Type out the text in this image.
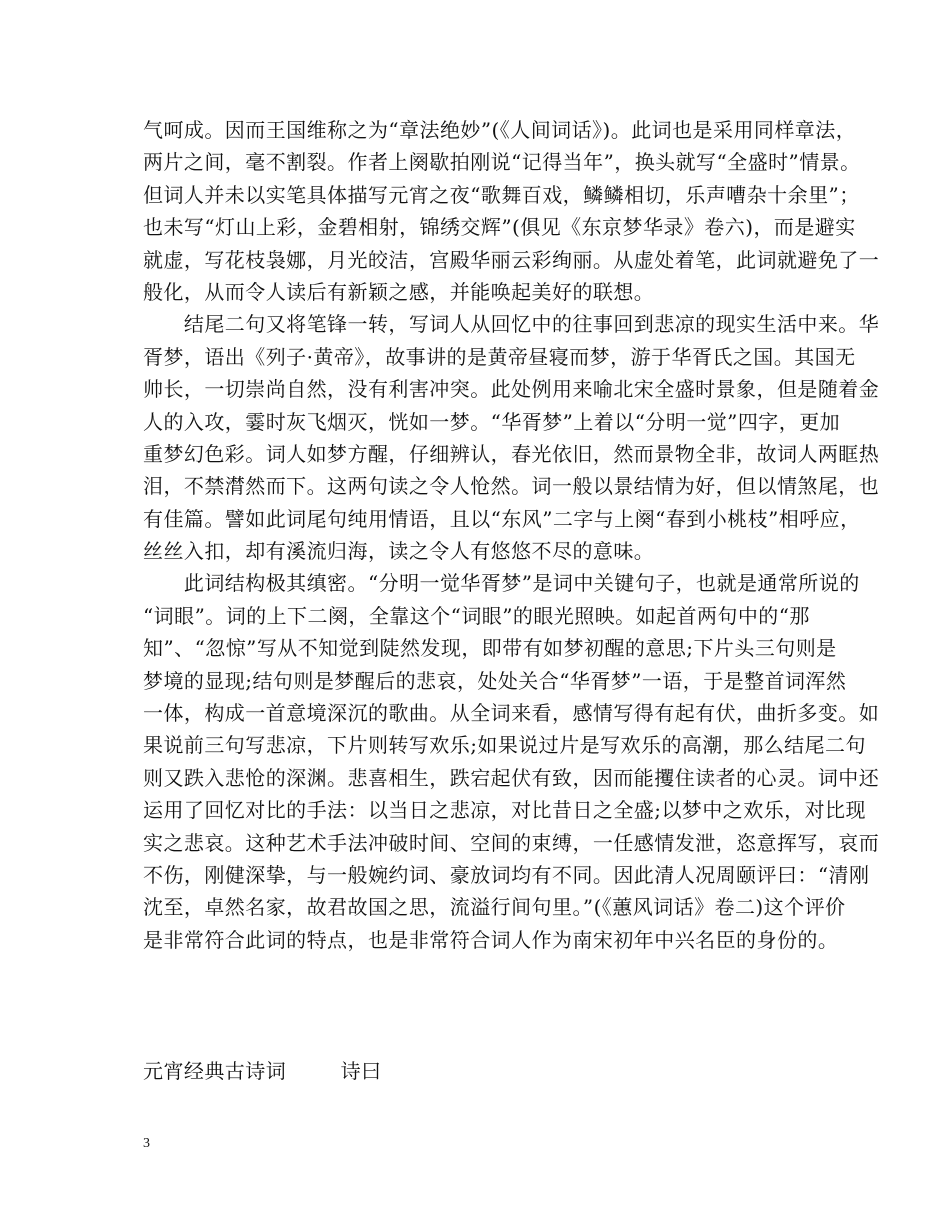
气呵成。因而王国维称之为“章法绝妙”(《人间词话》)。此词也是采用同样章法，
两片之间，毫不割裂。作者上阕歇拍刚说“记得当年”，换头就写“全盛时”情景。
但词人并未以实笔具体描写元宵之夜“歌舞百戏，鳞鳞相切，乐声嘈杂十余里”；
也未写“灯山上彩，金碧相射，锦绣交辉”(俱见《东京梦华录》卷六)，而是避实
就虚，写花枝袅娜，月光皎洁，宫殿华丽云彩绚丽。从虚处着笔，此词就避免了一
般化，从而令人读后有新颖之感，并能唤起美好的联想。
　　结尾二句又将笔锋一转，写词人从回忆中的往事回到悲凉的现实生活中来。华
胥梦，语出《列子·黄帝》，故事讲的是黄帝昼寝而梦，游于华胥氏之国。其国无
帅长，一切崇尚自然，没有利害冲突。此处例用来喻北宋全盛时景象，但是随着金
人的入攻，霎时灰飞烟灭，恍如一梦。“华胥梦”上着以“分明一觉”四字，更加
重梦幻色彩。词人如梦方醒，仔细辨认，春光依旧，然而景物全非，故词人两眶热
泪，不禁潸然而下。这两句读之令人怆然。词一般以景结情为好，但以情煞尾，也
有佳篇。譬如此词尾句纯用情语，且以“东风”二字与上阕“春到小桃枝”相呼应，
丝丝入扣，却有溪流归海，读之令人有悠悠不尽的意味。
　　此词结构极其缜密。“分明一觉华胥梦”是词中关键句子，也就是通常所说的
“词眼”。词的上下二阕，全靠这个“词眼”的眼光照映。如起首两句中的“那
知”、“忽惊”写从不知觉到陡然发现，即带有如梦初醒的意思;下片头三句则是
梦境的显现;结句则是梦醒后的悲哀，处处关合“华胥梦”一语，于是整首词浑然
一体，构成一首意境深沉的歌曲。从全词来看，感情写得有起有伏，曲折多变。如
果说前三句写悲凉，下片则转写欢乐;如果说过片是写欢乐的高潮，那么结尾二句
则又跌入悲怆的深渊。悲喜相生，跌宕起伏有致，因而能攫住读者的心灵。词中还
运用了回忆对比的手法：以当日之悲凉，对比昔日之全盛;以梦中之欢乐，对比现
实之悲哀。这种艺术手法冲破时间、空间的束缚，一任感情发泄，恣意挥写，哀而
不伤，刚健深挚，与一般婉约词、豪放词均有不同。因此清人况周颐评曰：“清刚
沈至，卓然名家，故君故国之思，流溢行间句里。”(《蕙风词话》卷二)这个评价
是非常符合此词的特点，也是非常符合词人作为南宋初年中兴名臣的身份的。
元宵经典古诗词	诗曰
3
